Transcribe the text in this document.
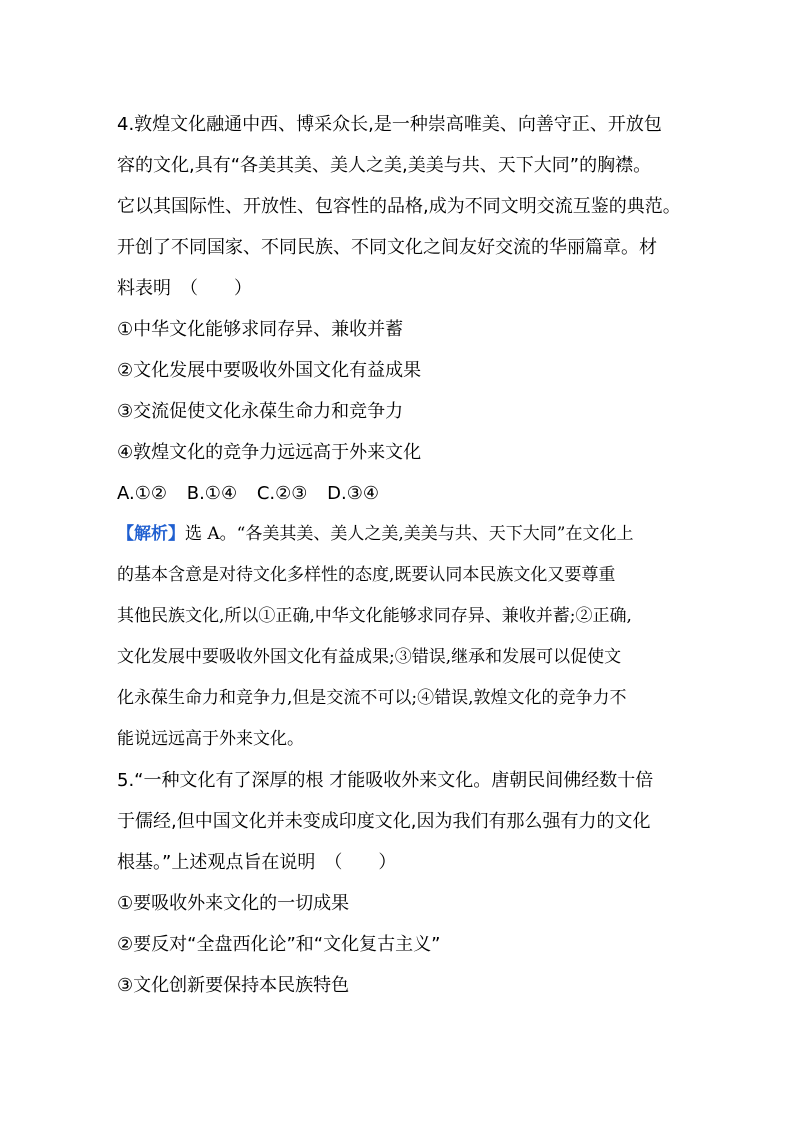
4.敦煌文化融通中西、博采众长,是一种崇高唯美、向善守正、开放包
容的文化,具有“各美其美、美人之美,美美与共、天下大同”的胸襟。
它以其国际性、开放性、包容性的品格,成为不同文明交流互鉴的典范。
开创了不同国家、不同民族、不同文化之间友好交流的华丽篇章。材
料表明　（　　）
①中华文化能够求同存异、兼收并蓄
②文化发展中要吸收外国文化有益成果
③交流促使文化永葆生命力和竞争力
④敦煌文化的竞争力远远高于外来文化
A.①② B.①④ C.②③ D.③④
【解析】选 A。“各美其美、美人之美,美美与共、天下大同”在文化上
的基本含意是对待文化多样性的态度,既要认同本民族文化又要尊重
其他民族文化,所以①正确,中华文化能够求同存异、兼收并蓄;②正确,
文化发展中要吸收外国文化有益成果;③错误,继承和发展可以促使文
化永葆生命力和竞争力,但是交流不可以;④错误,敦煌文化的竞争力不
能说远远高于外来文化。
5.“一种文化有了深厚的根 才能吸收外来文化。唐朝民间佛经数十倍
于儒经,但中国文化并未变成印度文化,因为我们有那么强有力的文化
根基。”上述观点旨在说明　（　　）
①要吸收外来文化的一切成果
②要反对“全盘西化论”和“文化复古主义”
③文化创新要保持本民族特色
